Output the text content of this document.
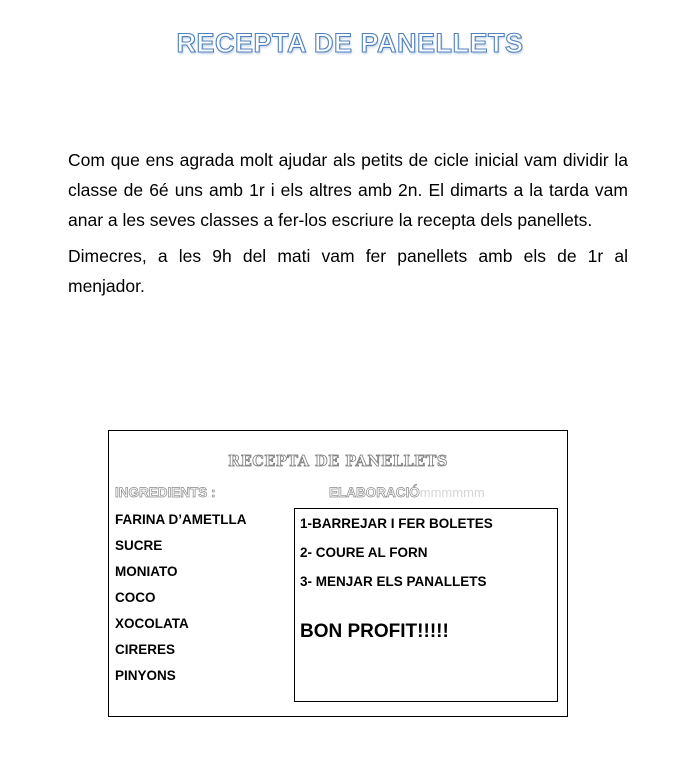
RECEPTA DE PANELLETS

Com que ens agrada molt ajudar als petits de cicle inicial vam dividir la classe de 6é uns amb 1r i els altres amb 2n. El dimarts a la tarda vam anar a les seves classes a fer-los escriure la recepta dels panellets.

Dimecres, a les 9h del mati vam fer panellets amb els de 1r al menjador.

RECEPTA DE PANELLETS
INGREDIENTS :	ELABORACIÓmmmmmm
FARINA D’AMETLLA
SUCRE
MONIATO
COCO
XOCOLATA
CIRERES
PINYONS
1-BARREJAR I FER BOLETES
2- COURE AL FORN
3- MENJAR ELS PANALLETS
BON PROFIT!!!!!
